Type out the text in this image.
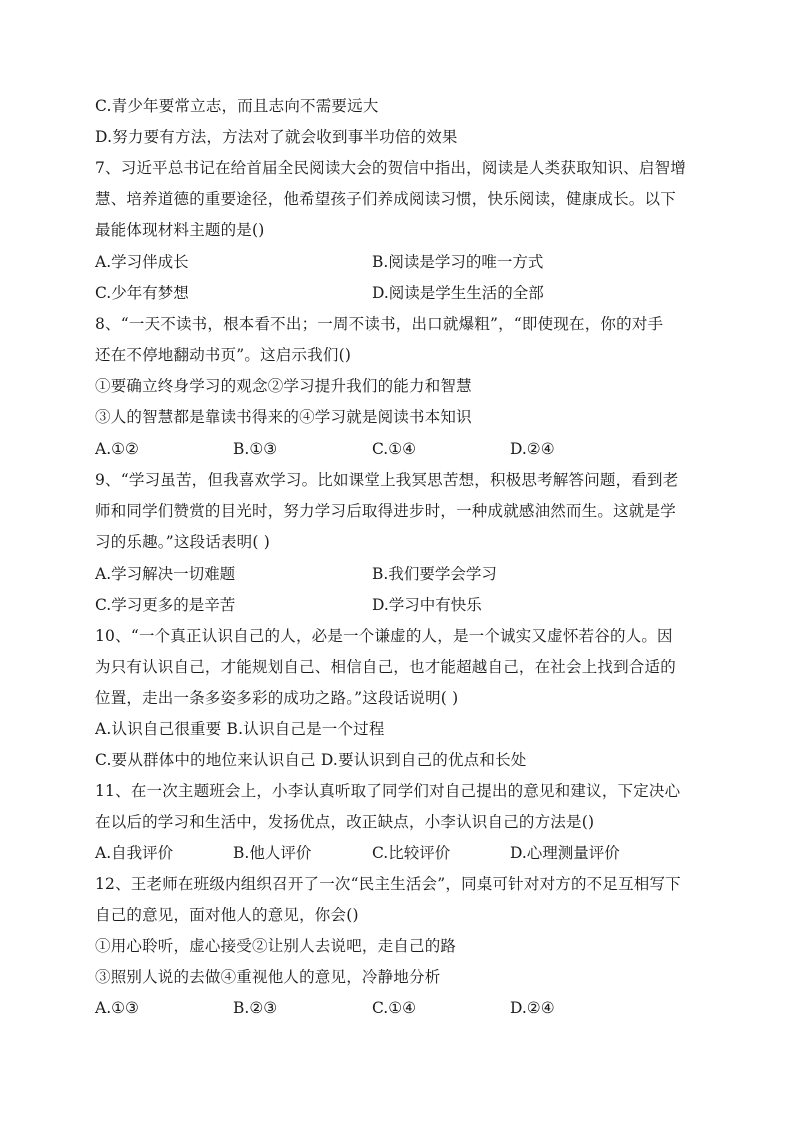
C.青少年要常立志，而且志向不需要远大
D.努力要有方法，方法对了就会收到事半功倍的效果
7、习近平总书记在给首届全民阅读大会的贺信中指出，阅读是人类获取知识、启智增
慧、培养道德的重要途径，他希望孩子们养成阅读习惯，快乐阅读，健康成长。以下
最能体现材料主题的是()
A.学习伴成长	B.阅读是学习的唯一方式
C.少年有梦想	D.阅读是学生生活的全部
8、“一天不读书，根本看不出；一周不读书，出口就爆粗”，“即使现在，你的对手
还在不停地翻动书页”。这启示我们()
①要确立终身学习的观念②学习提升我们的能力和智慧
③人的智慧都是靠读书得来的④学习就是阅读书本知识
A.①②	B.①③	C.①④	D.②④
9、“学习虽苦，但我喜欢学习。比如课堂上我冥思苦想，积极思考解答问题，看到老
师和同学们赞赏的目光时，努力学习后取得进步时，一种成就感油然而生。这就是学
习的乐趣。”这段话表明( )
A.学习解决一切难题	B.我们要学会学习
C.学习更多的是辛苦	D.学习中有快乐
10、“一个真正认识自己的人，必是一个谦虚的人，是一个诚实又虚怀若谷的人。因
为只有认识自己，才能规划自己、相信自己，也才能超越自己，在社会上找到合适的
位置，走出一条多姿多彩的成功之路。”这段话说明( )
A.认识自己很重要 B.认识自己是一个过程
C.要从群体中的地位来认识自己 D.要认识到自己的优点和长处
11、在一次主题班会上，小李认真听取了同学们对自己提出的意见和建议，下定决心
在以后的学习和生活中，发扬优点，改正缺点，小李认识自己的方法是()
A.自我评价	B.他人评价	C.比较评价	D.心理测量评价
12、王老师在班级内组织召开了一次“民主生活会”，同桌可针对对方的不足互相写下
自己的意见，面对他人的意见，你会()
①用心聆听，虚心接受②让别人去说吧，走自己的路
③照别人说的去做④重视他人的意见，冷静地分析
A.①③	B.②③	C.①④	D.②④
